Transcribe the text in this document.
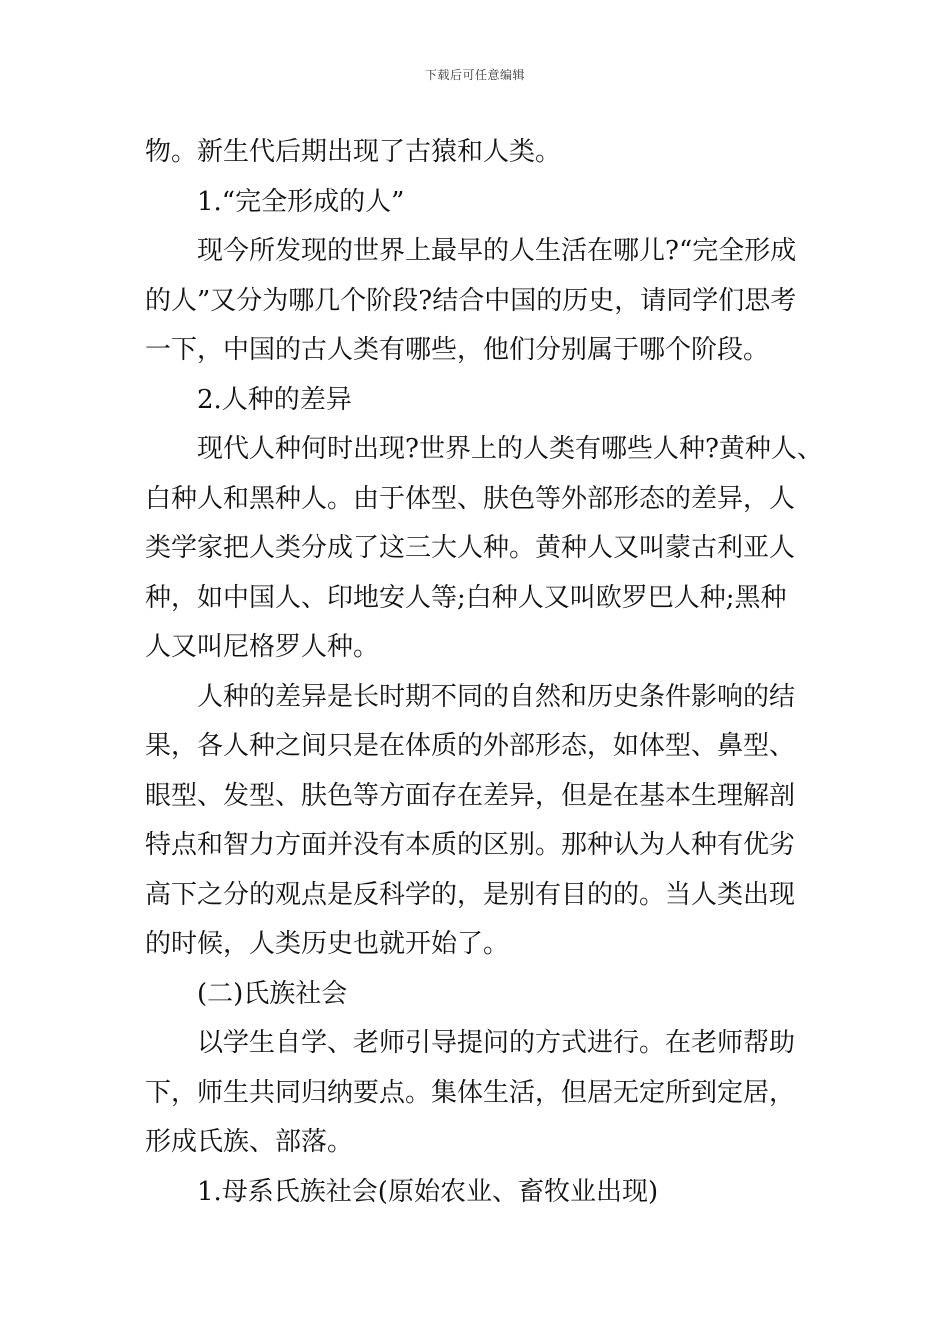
下载后可任意编辑
物。新生代后期出现了古猿和人类。
　　1.“完全形成的人”
　　现今所发现的世界上最早的人生活在哪儿?“完全形成
的人”又分为哪几个阶段?结合中国的历史，请同学们思考
一下，中国的古人类有哪些，他们分别属于哪个阶段。
　　2.人种的差异
　　现代人种何时出现?世界上的人类有哪些人种?黄种人、
白种人和黑种人。由于体型、肤色等外部形态的差异，人
类学家把人类分成了这三大人种。黄种人又叫蒙古利亚人
种，如中国人、印地安人等;白种人又叫欧罗巴人种;黑种
人又叫尼格罗人种。
　　人种的差异是长时期不同的自然和历史条件影响的结
果，各人种之间只是在体质的外部形态，如体型、鼻型、
眼型、发型、肤色等方面存在差异，但是在基本生理解剖
特点和智力方面并没有本质的区别。那种认为人种有优劣
高下之分的观点是反科学的，是别有目的的。当人类出现
的时候，人类历史也就开始了。
　　(二)氏族社会
　　以学生自学、老师引导提问的方式进行。在老师帮助
下，师生共同归纳要点。集体生活，但居无定所到定居，
形成氏族、部落。
　　1.母系氏族社会(原始农业、畜牧业出现)
